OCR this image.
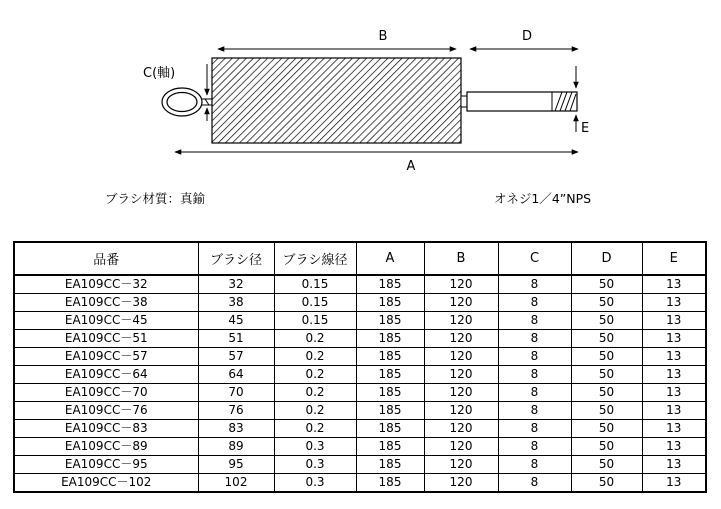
B	D
A
C(軸)
E
ブラシ材質：真鍮	オネジ1／4”NPS
品番	ブラシ径	ブラシ線径	A	B	C	D	E
EA109CC－32	32	0.15	185	120	8	50	13
EA109CC－38	38	0.15	185	120	8	50	13
EA109CC－45	45	0.15	185	120	8	50	13
EA109CC－51	51	0.2	185	120	8	50	13
EA109CC－57	57	0.2	185	120	8	50	13
EA109CC－64	64	0.2	185	120	8	50	13
EA109CC－70	70	0.2	185	120	8	50	13
EA109CC－76	76	0.2	185	120	8	50	13
EA109CC－83	83	0.2	185	120	8	50	13
EA109CC－89	89	0.3	185	120	8	50	13
EA109CC－95	95	0.3	185	120	8	50	13
EA109CC－102	102	0.3	185	120	8	50	13
